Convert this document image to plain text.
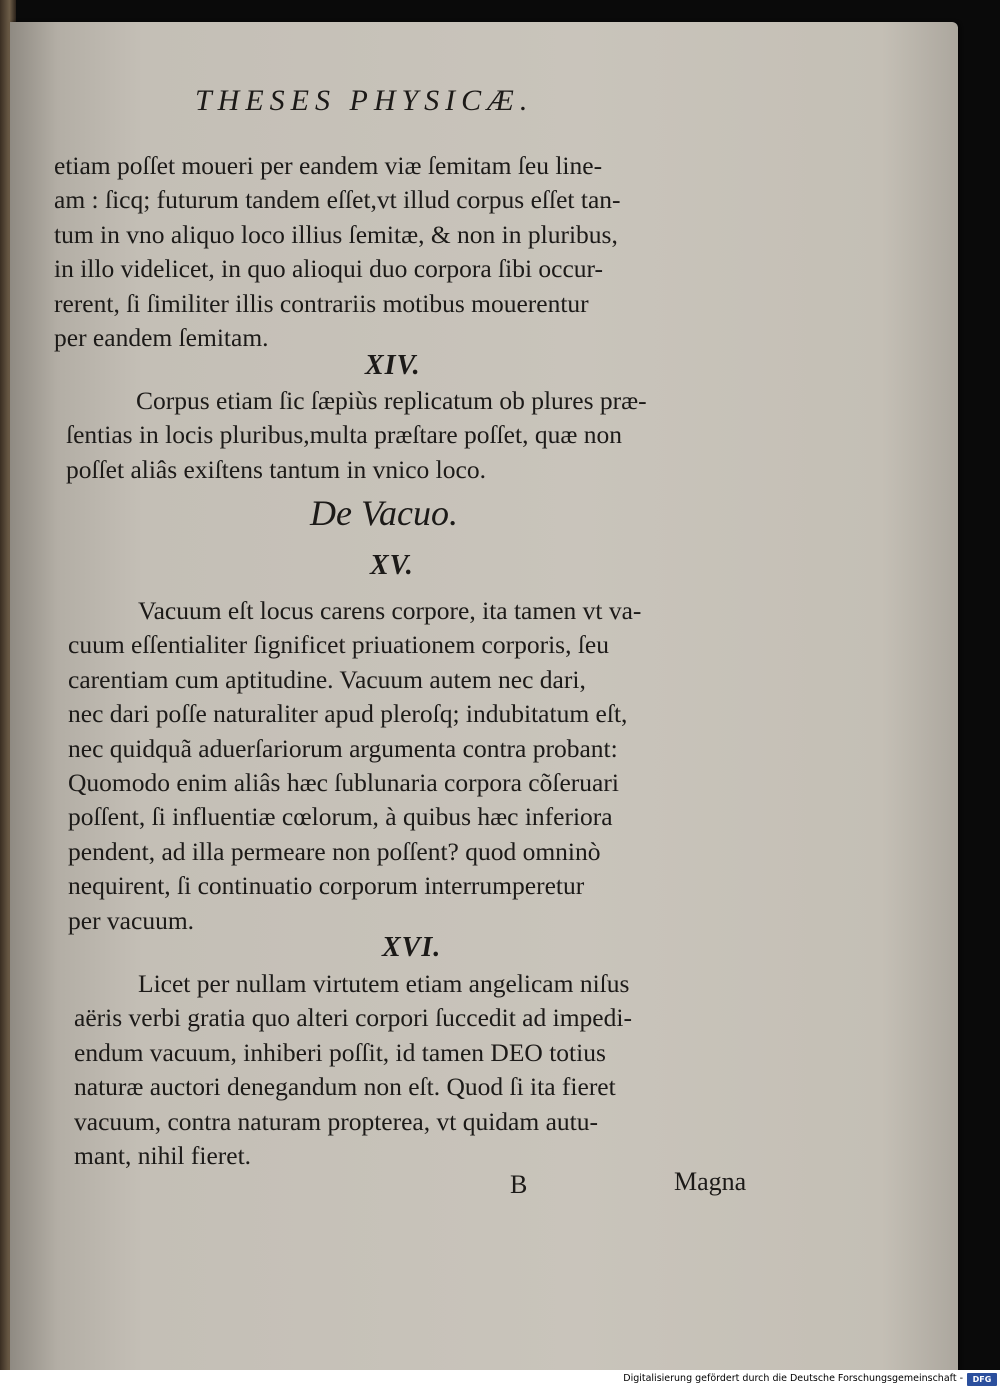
THESES PHYSICÆ.

etiam poſſet moueri per eandem viæ ſemitam ſeu line-
am : ſicq; futurum tandem eſſet,vt illud corpus eſſet tan-
tum in vno aliquo loco illius ſemitæ, & non in pluribus,
in illo videlicet, in quo alioqui duo corpora ſibi occur-
rerent, ſi ſimiliter illis contrariis motibus mouerentur
per eandem ſemitam.

XIV.

Corpus etiam ſic ſæpiùs replicatum ob plures præ-
ſentias in locis pluribus,multa præſtare poſſet, quæ non
poſſet aliâs exiſtens tantum in vnico loco.

De Vacuo.

XV.

Vacuum eſt locus carens corpore, ita tamen vt va-
cuum eſſentialiter ſignificet priuationem corporis, ſeu
carentiam cum aptitudine. Vacuum autem nec dari,
nec dari poſſe naturaliter apud pleroſq; indubitatum eſt,
nec quidquã aduerſariorum argumenta contra probant:
Quomodo enim aliâs hæc ſublunaria corpora cõſeruari
poſſent, ſi influentiæ cœlorum, à quibus hæc inferiora
pendent, ad illa permeare non poſſent? quod omninò
nequirent, ſi continuatio corporum interrumperetur
per vacuum.

XVI.

Licet per nullam virtutem etiam angelicam niſus
aëris verbi gratia quo alteri corpori ſuccedit ad impedi-
endum vacuum, inhiberi poſſit, id tamen DEO totius
naturæ auctori denegandum non eſt. Quod ſi ita fieret
vacuum, contra naturam propterea, vt quidam autu-
mant, nihil fieret.

B	Magna

Digitalisierung gefördert durch die Deutsche Forschungsgemeinschaft -	DFG
